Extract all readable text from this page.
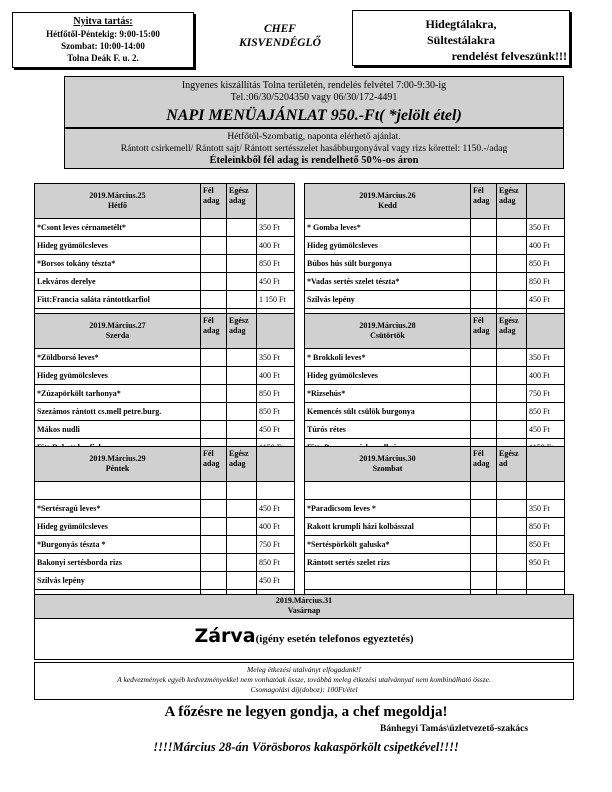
Nyitva tartás:
Hétfőtől-Péntekig: 9:00-15:00
Szombat: 10:00-14:00
Tolna Deák F. u. 2.
CHEF
KISVENDÉGLŐ
Hidegtálakra,
Sültestálakra
rendelést felveszünk!!!
Ingyenes kiszállítás Tolna területén, rendelés felvétel 7:00-9:30-ig
Tel.:06/30/5204350 vagy 06/30/172-4491
NAPI MENÜAJÁNLAT 950.-Ft( *jelölt étel)
Hétfőtől-Szombatig, naponta elérhető ajánlat.
Rántott csirkemell/ Rántott sajt/ Rántott sertésszelet hasábburgonyával vagy rizs körettel: 1150.-/adag
Ételeinkből fél adag is rendelhető 50%-os áron
2019.Március.25
Hétfő	Fél adag	Egész adag	
*Csont leves cérnametélt*			350 Ft
Hideg gyümölcsleves			400 Ft
*Borsos tokány tészta*			850 Ft
Lekváros derelye			450 Ft
Fitt:Francia saláta rántottkarfiol			1 150 Ft

2019.Március.26
Kedd	Fél adag	Egész adag	
* Gomba leves*			350 Ft
Hideg gyümölcsleves			400 Ft
Búbos hús sült burgonya			850 Ft
*Vadas sertés szelet tészta*			850 Ft
Szilvás lepény			450 Ft

2019.Március.27
Szerda	Fél adag	Egész adag	
*Zöldborsó leves*			350 Ft
Hideg gyümölcsleves			400 Ft
*Zúzapörkölt tarhonya*			850 Ft
Szezámos rántott cs.mell petre.burg.			850 Ft
Mákos nudli			450 Ft

2019.Március.28
Csütörtök	Fél adag	Egész adag	
* Brokkoli leves*			350 Ft
Hideg gyümölcsleves			400 Ft
*Rizsehús*			750 Ft
Kemencés sült csülök burgonya			850 Ft
Túrós rétes			450 Ft

2019.Március.29
Péntek	Fél adag	Egész adag	

*Sertésragú leves*			450 Ft
Hideg gyümölcsleves			400 Ft
*Burgonyás tészta *			750 Ft
Bakonyi sertésborda rizs			850 Ft
Szilvás lepény			450 Ft

2019.Március.30
Szombat	Fél adag	Egész ad	

*Paradicsom leves *			350 Ft
Rakott krumpli házi kolbásszal			850 Ft
*Sertéspörkölt galuska*			850 Ft
Rántott sertés szelet rizs			950 Ft

2019.Március.31
Vasárnap
Zárva(igény esetén telefonos egyeztetés)
Meleg étkezési utalványt elfogadunk!!
A kedvezmények egyéb kedvezményekkel nem vonhatóak össze, továbbá meleg étkezési utalvánnyal nem kombinálható össze.
Csomagolási díj(doboz): 100Ft/étel
A főzésre ne legyen gondja, a chef megoldja!
Bánhegyi Tamás\üzletvezető-szakács
!!!!Március 28-án Vörösboros kakaspörkölt csipetkével!!!!
